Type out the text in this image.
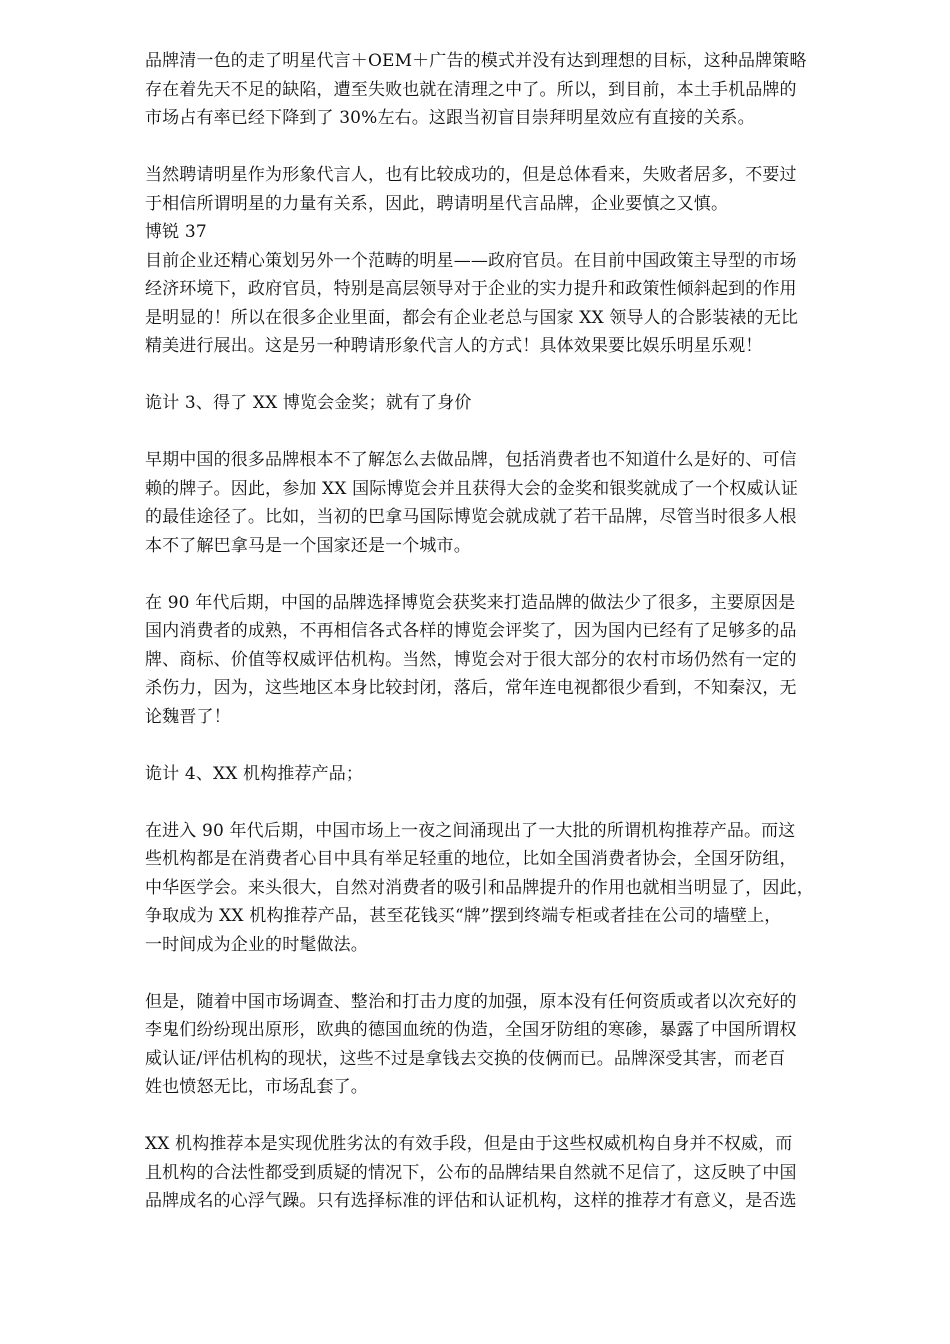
品牌清一色的走了明星代言＋OEM＋广告的模式并没有达到理想的目标，这种品牌策略
存在着先天不足的缺陷，遭至失败也就在清理之中了。所以，到目前，本土手机品牌的
市场占有率已经下降到了 30%左右。这跟当初盲目崇拜明星效应有直接的关系。
当然聘请明星作为形象代言人，也有比较成功的，但是总体看来，失败者居多，不要过
于相信所谓明星的力量有关系，因此，聘请明星代言品牌，企业要慎之又慎。
博锐 37
目前企业还精心策划另外一个范畴的明星——政府官员。在目前中国政策主导型的市场
经济环境下，政府官员，特别是高层领导对于企业的实力提升和政策性倾斜起到的作用
是明显的！所以在很多企业里面，都会有企业老总与国家 XX 领导人的合影装裱的无比
精美进行展出。这是另一种聘请形象代言人的方式！具体效果要比娱乐明星乐观！
诡计 3、得了 XX 博览会金奖；就有了身价
早期中国的很多品牌根本不了解怎么去做品牌，包括消费者也不知道什么是好的、可信
赖的牌子。因此，参加 XX 国际博览会并且获得大会的金奖和银奖就成了一个权威认证
的最佳途径了。比如，当初的巴拿马国际博览会就成就了若干品牌，尽管当时很多人根
本不了解巴拿马是一个国家还是一个城市。
在 90 年代后期，中国的品牌选择博览会获奖来打造品牌的做法少了很多，主要原因是
国内消费者的成熟，不再相信各式各样的博览会评奖了，因为国内已经有了足够多的品
牌、商标、价值等权威评估机构。当然，博览会对于很大部分的农村市场仍然有一定的
杀伤力，因为，这些地区本身比较封闭，落后，常年连电视都很少看到，不知秦汉，无
论魏晋了！
诡计 4、XX 机构推荐产品；
在进入 90 年代后期，中国市场上一夜之间涌现出了一大批的所谓机构推荐产品。而这
些机构都是在消费者心目中具有举足轻重的地位，比如全国消费者协会，全国牙防组，
中华医学会。来头很大，自然对消费者的吸引和品牌提升的作用也就相当明显了，因此，
争取成为 XX 机构推荐产品，甚至花钱买“牌”摆到终端专柜或者挂在公司的墙壁上，
一时间成为企业的时髦做法。
但是，随着中国市场调查、整治和打击力度的加强，原本没有任何资质或者以次充好的
李鬼们纷纷现出原形，欧典的德国血统的伪造，全国牙防组的寒碜，暴露了中国所谓权
威认证/评估机构的现状，这些不过是拿钱去交换的伎俩而已。品牌深受其害，而老百
姓也愤怒无比，市场乱套了。
XX 机构推荐本是实现优胜劣汰的有效手段，但是由于这些权威机构自身并不权威，而
且机构的合法性都受到质疑的情况下，公布的品牌结果自然就不足信了，这反映了中国
品牌成名的心浮气躁。只有选择标准的评估和认证机构，这样的推荐才有意义，是否选
